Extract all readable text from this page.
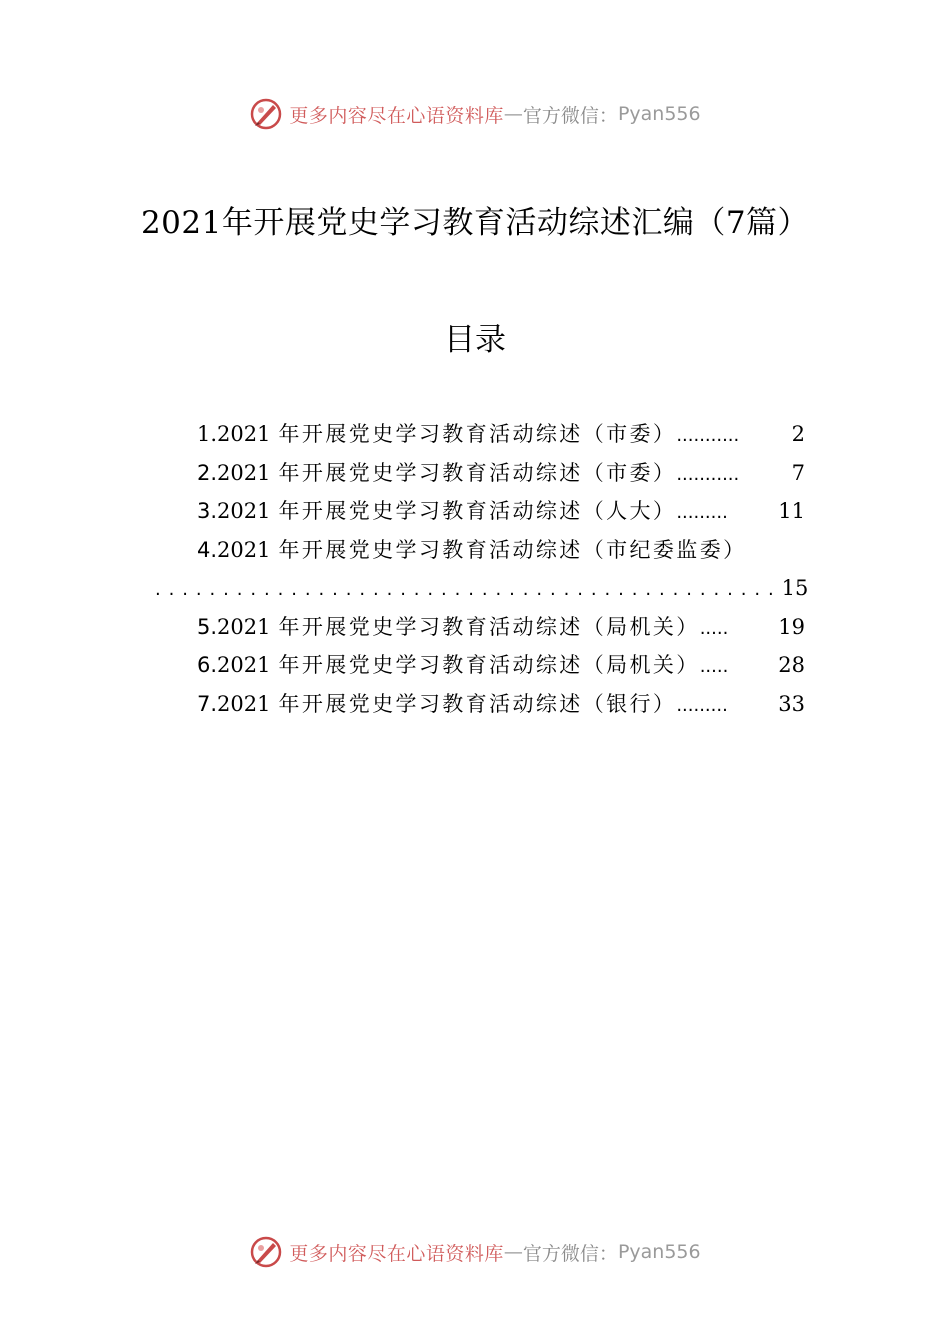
更多内容尽在心语资料库 — 官方微信： Pyan556
2021年开展党史学习教育活动综述汇编（7篇）
目录
1. 2021 年开展党史学习教育活动综述（市委） ...........	2
2. 2021 年开展党史学习教育活动综述（市委） ...........	7
3. 2021 年开展党史学习教育活动综述（人大） .........	11
4. 2021 年开展党史学习教育活动综述（市纪委监委）
.............................................. 15
5. 2021 年开展党史学习教育活动综述（局机关） .....	19
6. 2021 年开展党史学习教育活动综述（局机关） .....	28
7. 2021 年开展党史学习教育活动综述（银行） .........	33
更多内容尽在心语资料库 — 官方微信： Pyan556
